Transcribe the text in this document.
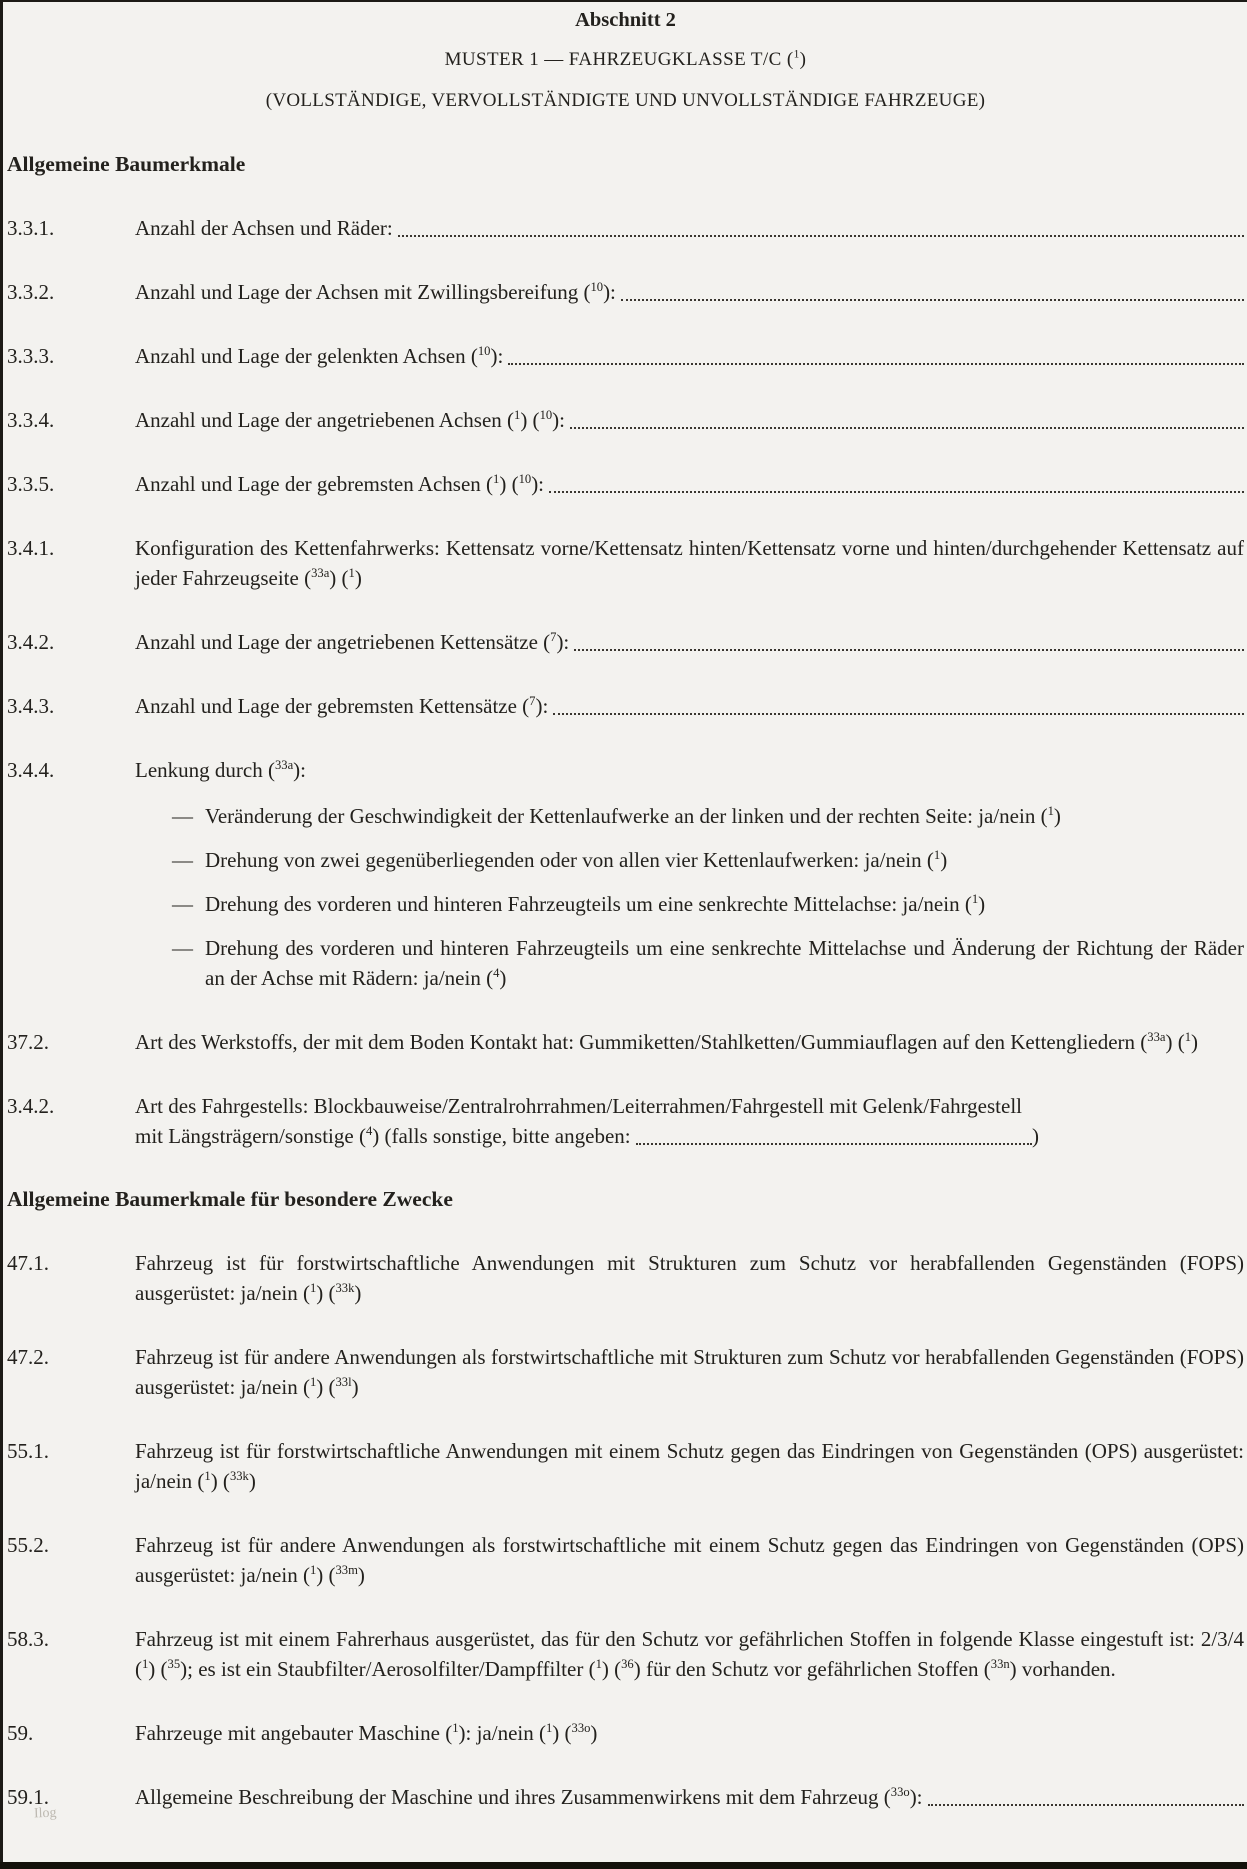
Abschnitt 2
MUSTER 1 — FAHRZEUGKLASSE T/C ($^1$)
(VOLLSTÄNDIGE, VERVOLLSTÄNDIGTE UND UNVOLLSTÄNDIGE FAHRZEUGE)
Allgemeine Baumerkmale
3.3.1.	Anzahl der Achsen und Räder:
3.3.2.	Anzahl und Lage der Achsen mit Zwillingsbereifung ($^{10}$):
3.3.3.	Anzahl und Lage der gelenkten Achsen ($^{10}$):
3.3.4.	Anzahl und Lage der angetriebenen Achsen ($^1$) ($^{10}$):
3.3.5.	Anzahl und Lage der gebremsten Achsen ($^1$) ($^{10}$):
3.4.1.	Konfiguration des Kettenfahrwerks: Kettensatz vorne/Kettensatz hinten/Kettensatz vorne und hinten/durchgehender Kettensatz auf jeder Fahrzeugseite ($^{33a}$) ($^1$)
3.4.2.	Anzahl und Lage der angetriebenen Kettensätze ($^7$):
3.4.3.	Anzahl und Lage der gebremsten Kettensätze ($^7$):
3.4.4.	Lenkung durch ($^{33a}$):
— Veränderung der Geschwindigkeit der Kettenlaufwerke an der linken und der rechten Seite: ja/nein ($^1$)
— Drehung von zwei gegenüberliegenden oder von allen vier Kettenlaufwerken: ja/nein ($^1$)
— Drehung des vorderen und hinteren Fahrzeugteils um eine senkrechte Mittelachse: ja/nein ($^1$)
— Drehung des vorderen und hinteren Fahrzeugteils um eine senkrechte Mittelachse und Änderung der Richtung der Räder an der Achse mit Rädern: ja/nein ($^4$)
37.2.	Art des Werkstoffs, der mit dem Boden Kontakt hat: Gummiketten/Stahlketten/Gummiauflagen auf den Kettengliedern ($^{33a}$) ($^1$)
3.4.2.	Art des Fahrgestells: Blockbauweise/Zentralrohrrahmen/Leiterrahmen/Fahrgestell mit Gelenk/Fahrgestell
mit Längsträgern/sonstige ($^4$) (falls sonstige, bitte angeben:	)
Allgemeine Baumerkmale für besondere Zwecke
47.1.	Fahrzeug ist für forstwirtschaftliche Anwendungen mit Strukturen zum Schutz vor herabfallenden Gegenständen (FOPS) ausgerüstet: ja/nein ($^1$) ($^{33k}$)
47.2.	Fahrzeug ist für andere Anwendungen als forstwirtschaftliche mit Strukturen zum Schutz vor herabfallenden Gegenständen (FOPS) ausgerüstet: ja/nein ($^1$) ($^{33l}$)
55.1.	Fahrzeug ist für forstwirtschaftliche Anwendungen mit einem Schutz gegen das Eindringen von Gegenständen (OPS) ausgerüstet: ja/nein ($^1$) ($^{33k}$)
55.2.	Fahrzeug ist für andere Anwendungen als forstwirtschaftliche mit einem Schutz gegen das Eindringen von Gegenständen (OPS) ausgerüstet: ja/nein ($^1$) ($^{33m}$)
58.3.	Fahrzeug ist mit einem Fahrerhaus ausgerüstet, das für den Schutz vor gefährlichen Stoffen in folgende Klasse eingestuft ist: 2/3/4 ($^1$) ($^{35}$); es ist ein Staubfilter/Aerosolfilter/Dampffilter ($^1$) ($^{36}$) für den Schutz vor gefährlichen Stoffen ($^{33n}$) vorhanden.
59.	Fahrzeuge mit angebauter Maschine ($^1$): ja/nein ($^1$) ($^{33o}$)
59.1.	Allgemeine Beschreibung der Maschine und ihres Zusammenwirkens mit dem Fahrzeug ($^{33o}$):
Ilog
